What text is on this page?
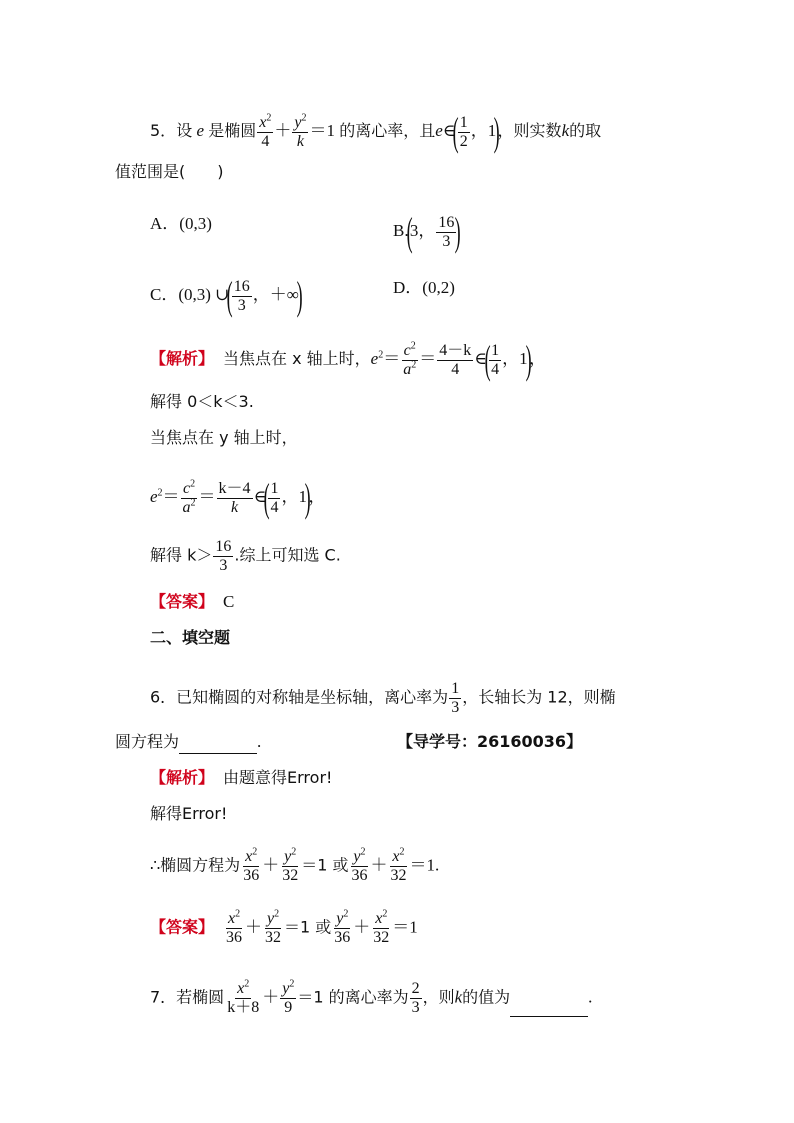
5．设 e 是椭圆 $\frac{x^2}{4} + \frac{y^2}{k} =1$ 的离心率，且e∈(
$\frac{1}{2}$ ，1)，则实数k的取
值范围是(　　)
A．(0,3)	B.(3， $\frac{16}{3}$
)
C．(0,3) ∪(
$\frac{16}{3}$ ，＋∞)	D．(0,2)
【解析】　 当焦点在 x 轴上时，$e^2= \frac{c^2}{a^2} = \frac{4-k}{4}$ ∈(
$\frac{1}{4}$ ，1)，
解得 0＜k＜3.
当焦点在 y 轴上时，
$e^2= \frac{c^2}{a^2} = \frac{k-4}{k}$ ∈(
$\frac{1}{4}$ ，1)，
解得 $k> \frac{16}{3}$ .综上可知选 C.
【答案】　 C
二、填空题
6．已知椭圆的对称轴是坐标轴，离心率为 $\frac{1}{3}$ ，长轴长为 12，则椭
圆方程为	.	【导学号：26160036】
【解析】　 由题意得Error!
解得Error!
∴椭圆方程为 $\frac{x^2}{36} + \frac{y^2}{32} =1$ 或 $\frac{y^2}{36} + \frac{x^2}{32} =1$.
【答案】　 $\frac{x^2}{36} + \frac{y^2}{32} =1$ 或 $\frac{y^2}{36} + \frac{x^2}{32} =1$
7．若椭圆 $\frac{x^2}{k+8} + \frac{y^2}{9} =1$ 的离心率为 $\frac{2}{3}$ ，则k的值为	.
